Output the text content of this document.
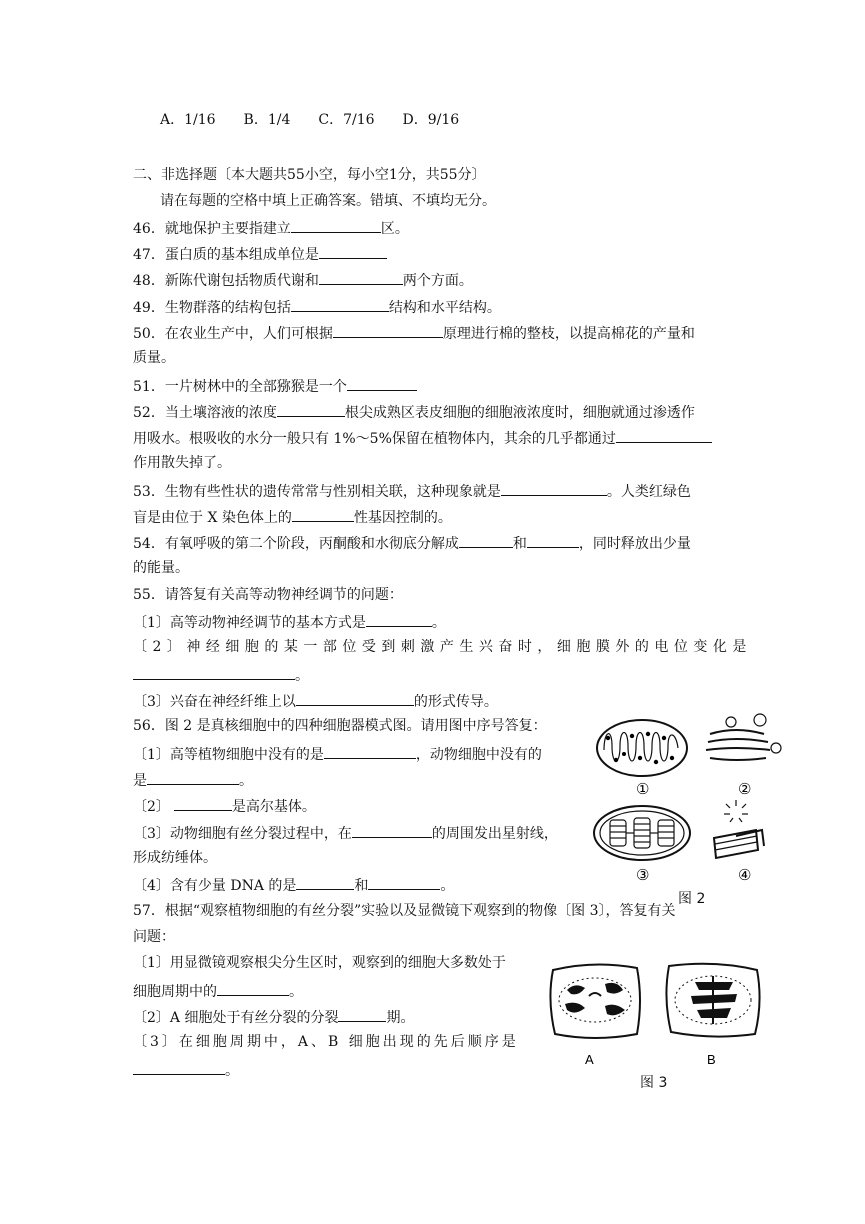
A．1/16　　B．1/4　　C．7/16　　D．9/16
二、非选择题〔本大题共55小空，每小空1分，共55分〕
请在每题的空格中填上正确答案。错填、不填均无分。
46．就地保护主要指建立	区。
47．蛋白质的基本组成单位是
48．新陈代谢包括物质代谢和	两个方面。
49．生物群落的结构包括	结构和水平结构。
50．在农业生产中，人们可根据	原理进行棉的整枝，以提高棉花的产量和
质量。
51．一片树林中的全部猕猴是一个
52．当土壤溶液的浓度	根尖成熟区表皮细胞的细胞液浓度时，细胞就通过渗透作
用吸水。根吸收的水分一般只有 1%～5%保留在植物体内，其余的几乎都通过
作用散失掉了。
53．生物有些性状的遗传常常与性别相关联，这种现象就是	。人类红绿色
盲是由位于 X 染色体上的	性基因控制的。
54．有氧呼吸的第二个阶段，丙酮酸和水彻底分解成	和	，同时释放出少量
的能量。
55．请答复有关高等动物神经调节的问题：
〔1〕高等动物神经调节的基本方式是	。
〔2〕神经细胞的某一部位受到刺激产生兴奋时，细胞膜外的电位变化是
。
〔3〕兴奋在神经纤维上以	的形式传导。
56．图 2 是真核细胞中的四种细胞器模式图。请用图中序号答复：
〔1〕高等植物细胞中没有的是	，动物细胞中没有的
是	。
〔2〕	是高尔基体。
〔3〕动物细胞有丝分裂过程中，在	的周围发出星射线，
形成纺缍体。
〔4〕含有少量 DNA 的是	和	。
57．根据“观察植物细胞的有丝分裂”实验以及显微镜下观察到的物像〔图 3〕，答复有关
问题：
〔1〕用显微镜观察根尖分生区时，观察到的细胞大多数处于
细胞周期中的	。
〔2〕A 细胞处于有丝分裂的分裂	期。
〔3〕在细胞周期中，A、B 细胞出现的先后顺序是
。
①	②
③	④
图 2
A	B
图 3
